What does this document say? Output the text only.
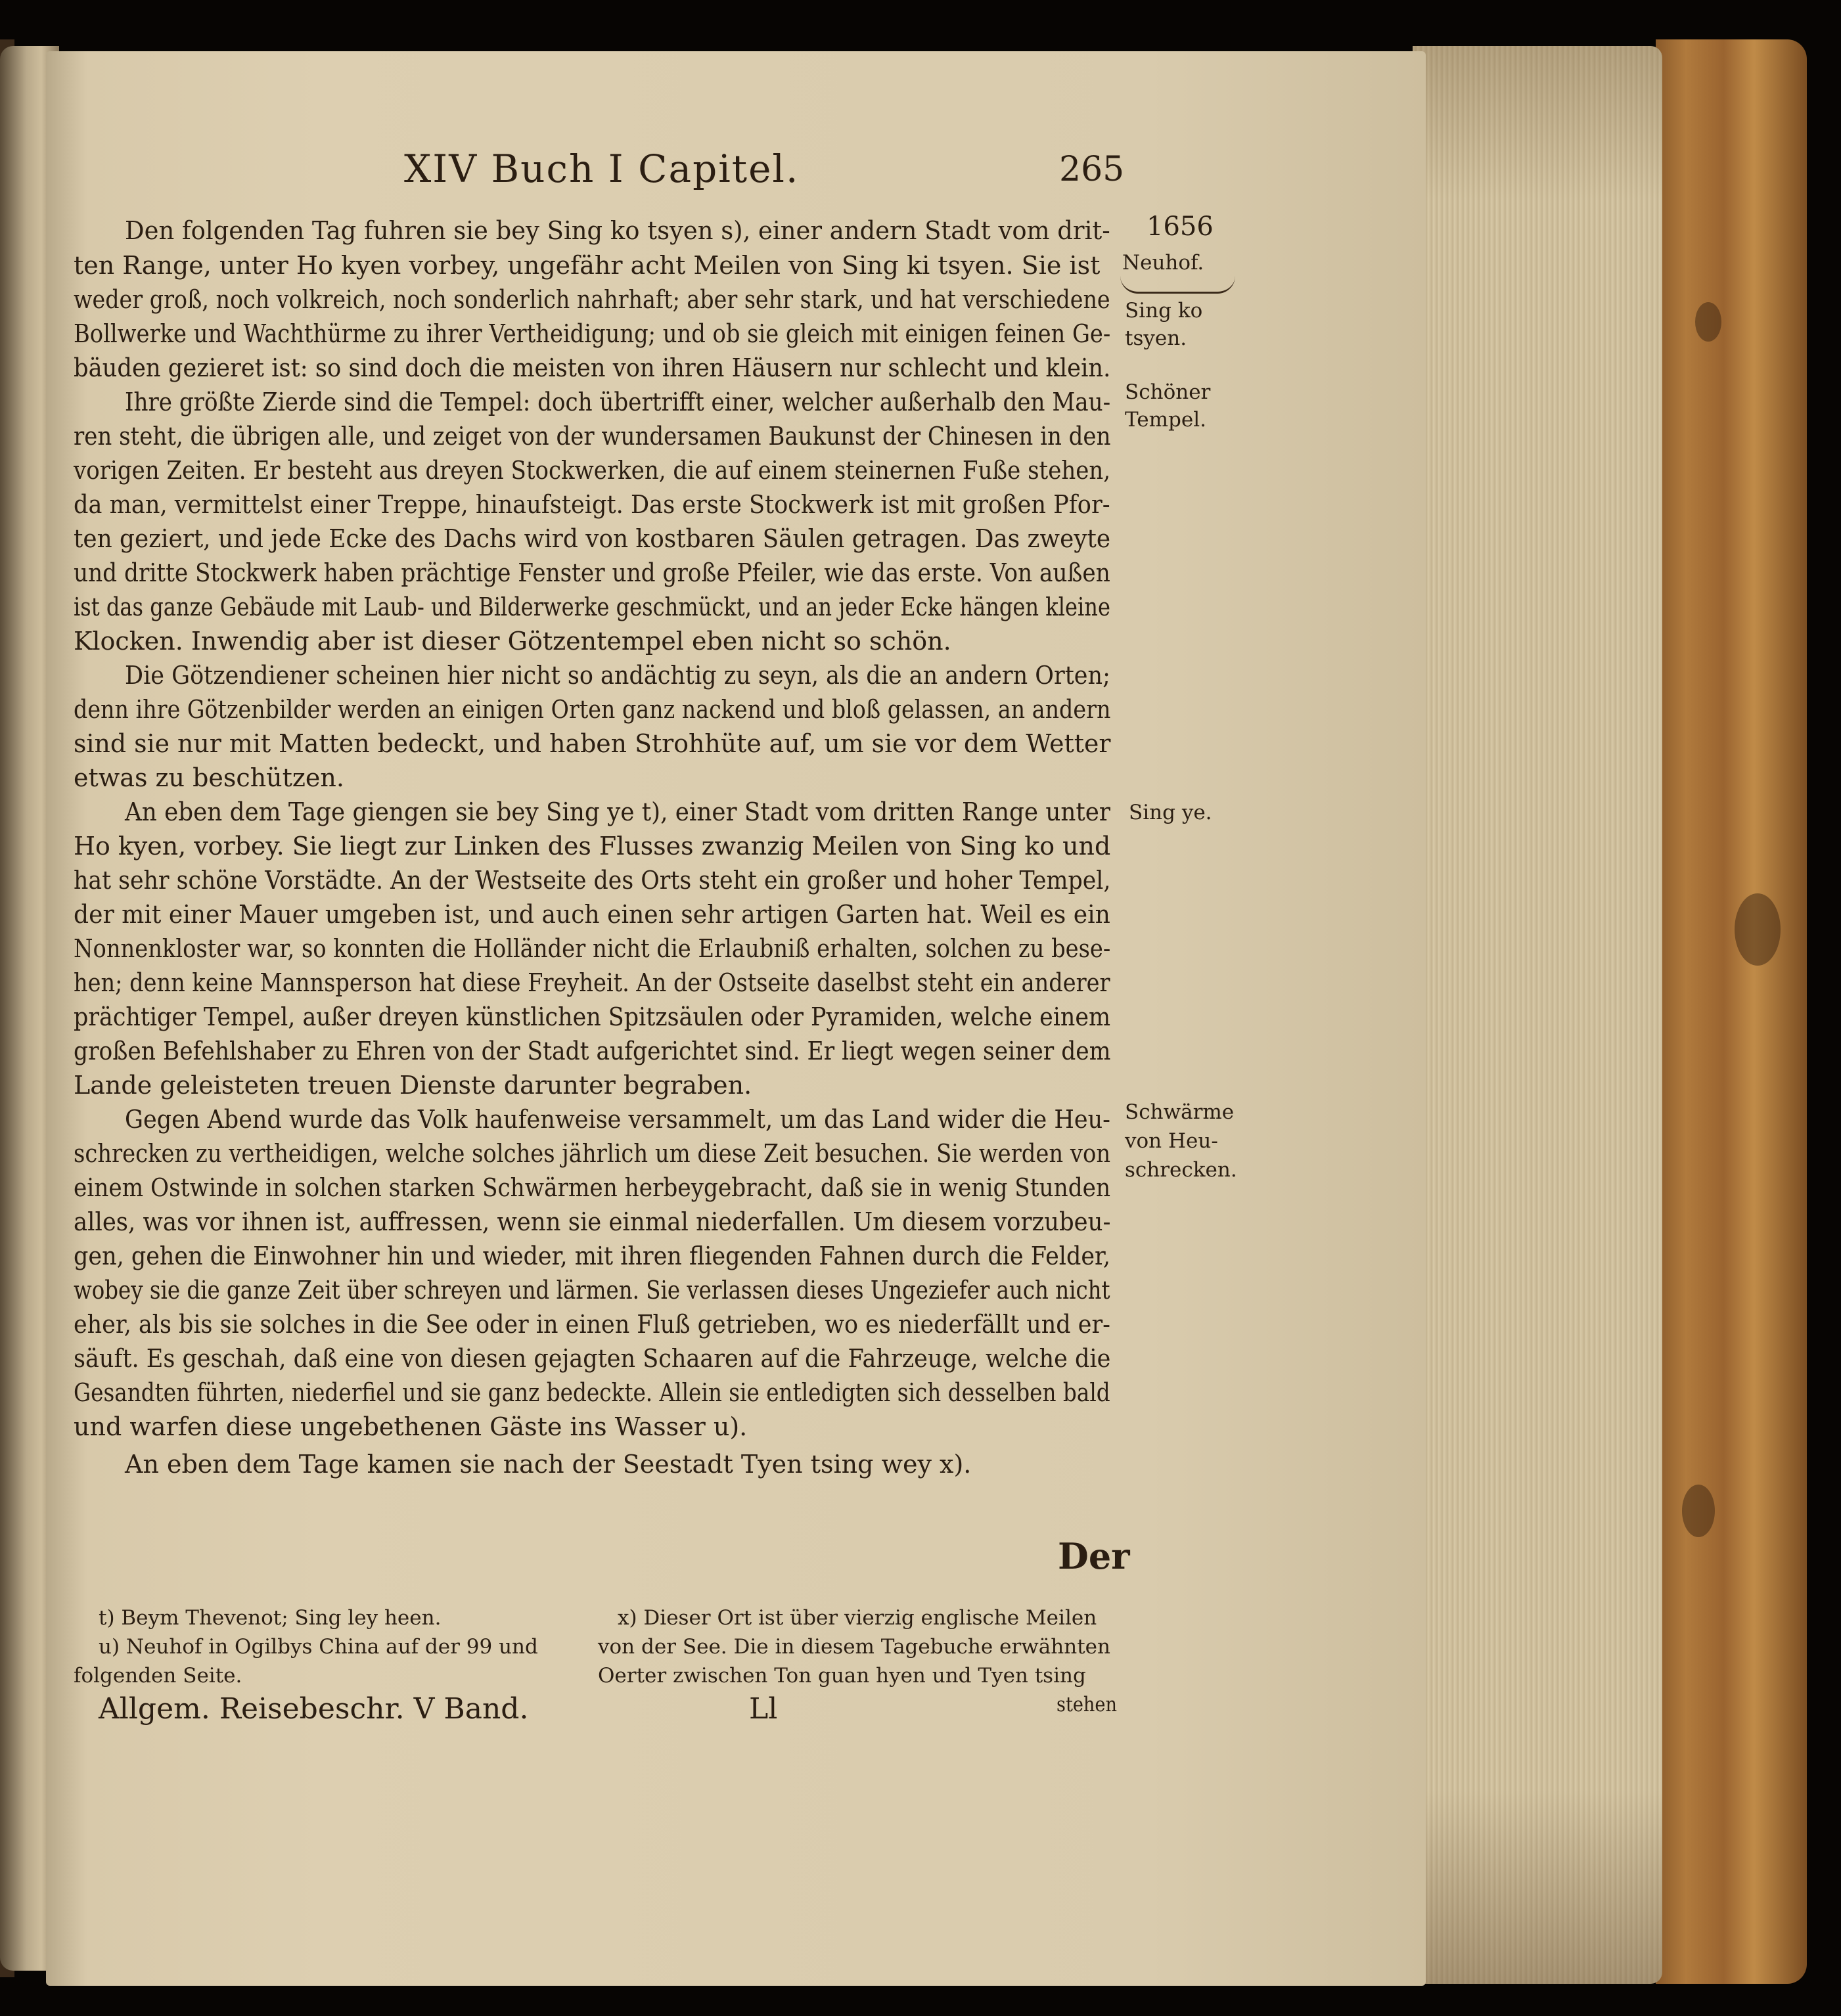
XIV Buch I Capitel.	265
Den folgenden Tag fuhren sie bey Sing ko tsyen s), einer andern Stadt vom drit-
ten Range, unter Ho kyen vorbey, ungefähr acht Meilen von Sing ki tsyen. Sie ist
weder groß, noch volkreich, noch sonderlich nahrhaft; aber sehr stark, und hat verschiedene
Bollwerke und Wachthürme zu ihrer Vertheidigung; und ob sie gleich mit einigen feinen Ge-
bäuden gezieret ist: so sind doch die meisten von ihren Häusern nur schlecht und klein.
Ihre größte Zierde sind die Tempel: doch übertrifft einer, welcher außerhalb den Mau-
ren steht, die übrigen alle, und zeiget von der wundersamen Baukunst der Chinesen in den
vorigen Zeiten. Er besteht aus dreyen Stockwerken, die auf einem steinernen Fuße stehen,
da man, vermittelst einer Treppe, hinaufsteigt. Das erste Stockwerk ist mit großen Pfor-
ten geziert, und jede Ecke des Dachs wird von kostbaren Säulen getragen. Das zweyte
und dritte Stockwerk haben prächtige Fenster und große Pfeiler, wie das erste. Von außen
ist das ganze Gebäude mit Laub- und Bilderwerke geschmückt, und an jeder Ecke hängen kleine
Klocken. Inwendig aber ist dieser Götzentempel eben nicht so schön.
Die Götzendiener scheinen hier nicht so andächtig zu seyn, als die an andern Orten;
denn ihre Götzenbilder werden an einigen Orten ganz nackend und bloß gelassen, an andern
sind sie nur mit Matten bedeckt, und haben Strohhüte auf, um sie vor dem Wetter
etwas zu beschützen.
An eben dem Tage giengen sie bey Sing ye t), einer Stadt vom dritten Range unter
Ho kyen, vorbey. Sie liegt zur Linken des Flusses zwanzig Meilen von Sing ko und
hat sehr schöne Vorstädte. An der Westseite des Orts steht ein großer und hoher Tempel,
der mit einer Mauer umgeben ist, und auch einen sehr artigen Garten hat. Weil es ein
Nonnenkloster war, so konnten die Holländer nicht die Erlaubniß erhalten, solchen zu bese-
hen; denn keine Mannsperson hat diese Freyheit. An der Ostseite daselbst steht ein anderer
prächtiger Tempel, außer dreyen künstlichen Spitzsäulen oder Pyramiden, welche einem
großen Befehlshaber zu Ehren von der Stadt aufgerichtet sind. Er liegt wegen seiner dem
Lande geleisteten treuen Dienste darunter begraben.
Gegen Abend wurde das Volk haufenweise versammelt, um das Land wider die Heu-
schrecken zu vertheidigen, welche solches jährlich um diese Zeit besuchen. Sie werden von
einem Ostwinde in solchen starken Schwärmen herbeygebracht, daß sie in wenig Stunden
alles, was vor ihnen ist, auffressen, wenn sie einmal niederfallen. Um diesem vorzubeu-
gen, gehen die Einwohner hin und wieder, mit ihren fliegenden Fahnen durch die Felder,
wobey sie die ganze Zeit über schreyen und lärmen. Sie verlassen dieses Ungeziefer auch nicht
eher, als bis sie solches in die See oder in einen Fluß getrieben, wo es niederfällt und er-
säuft. Es geschah, daß eine von diesen gejagten Schaaren auf die Fahrzeuge, welche die
Gesandten führten, niederfiel und sie ganz bedeckte. Allein sie entledigten sich desselben bald
und warfen diese ungebethenen Gäste ins Wasser u).
An eben dem Tage kamen sie nach der Seestadt Tyen tsing wey x).
1656
Neuhof.
Sing ko
tsyen.
Schöner
Tempel.
Sing ye.
Schwärme
von Heu-
schrecken.
Der
t) Beym Thevenot; Sing ley heen.
u) Neuhof in Ogilbys China auf der 99 und
folgenden Seite.
x) Dieser Ort ist über vierzig englische Meilen
von der See. Die in diesem Tagebuche erwähnten
Oerter zwischen Ton guan hyen und Tyen tsing
stehen
Allgem. Reisebeschr. V Band.	Ll
